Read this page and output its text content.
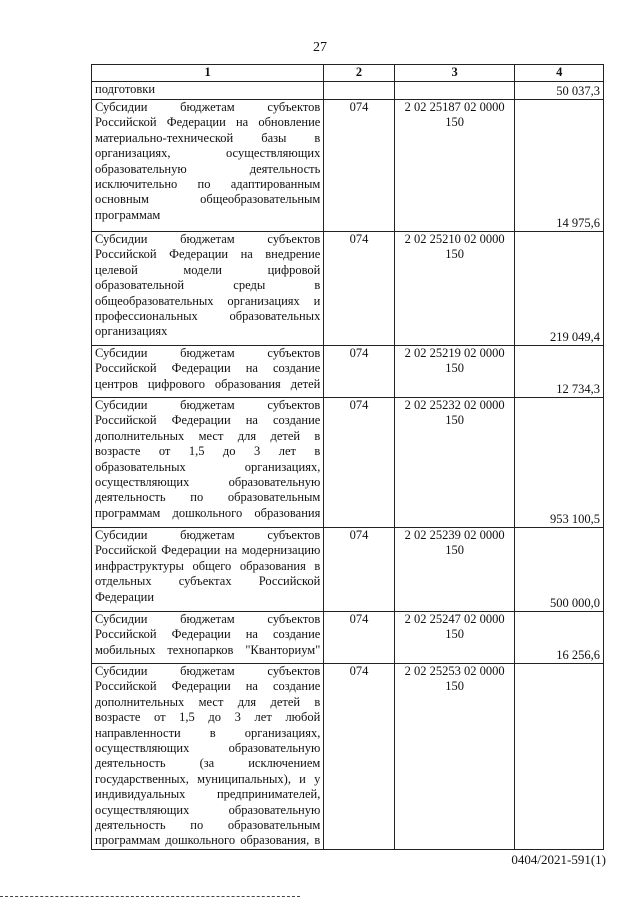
27
1	2	3	4
подготовки			50 037,3
Субсидии бюджетам субъектов Российской Федерации на обновление материально-технической базы в организациях, осуществляющих образовательную деятельность исключительно по адаптированным основным общеобразовательным программам	074	2 02 25187 02 0000 150	14 975,6
Субсидии бюджетам субъектов Российской Федерации на внедрение целевой модели цифровой образовательной среды в общеобразовательных организациях и профессиональных образовательных организациях	074	2 02 25210 02 0000 150	219 049,4
Субсидии бюджетам субъектов Российской Федерации на создание центров цифрового образования детей	074	2 02 25219 02 0000 150	12 734,3
Субсидии бюджетам субъектов Российской Федерации на создание дополнительных мест для детей в возрасте от 1,5 до 3 лет в образовательных организациях, осуществляющих образовательную деятельность по образовательным программам дошкольного образования	074	2 02 25232 02 0000 150	953 100,5
Субсидии бюджетам субъектов Российской Федерации на модернизацию инфраструктуры общего образования в отдельных субъектах Российской Федерации	074	2 02 25239 02 0000 150	500 000,0
Субсидии бюджетам субъектов Российской Федерации на создание мобильных технопарков "Кванториум"	074	2 02 25247 02 0000 150	16 256,6
Субсидии бюджетам субъектов Российской Федерации на создание дополнительных мест для детей в возрасте от 1,5 до 3 лет любой направленности в организациях, осуществляющих образовательную деятельность (за исключением государственных, муниципальных), и у индивидуальных предпринимателей, осуществляющих образовательную деятельность по образовательным программам дошкольного образования, в	074	2 02 25253 02 0000 150	
0404/2021-591(1)
